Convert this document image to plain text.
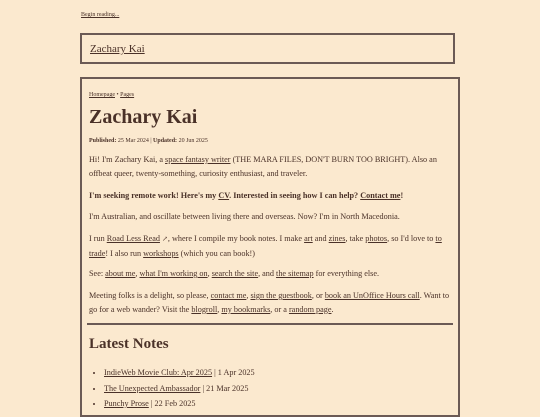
Begin reading...
Zachary Kai
Homepage • Pages
Zachary Kai
Published: 25 Mar 2024 | Updated: 20 Jun 2025

Hi! I'm Zachary Kai, a space fantasy writer (THE MARA FILES, DON'T BURN TOO BRIGHT). Also an offbeat queer, twenty-something, curiosity enthusiast, and traveler.

I'm seeking remote work! Here's my CV. Interested in seeing how I can help? Contact me!

I'm Australian, and oscillate between living there and overseas. Now? I'm in North Macedonia.

I run Road Less Read ↗, where I compile my book notes. I make art and zines, take photos, so I'd love to to trade! I also run workshops (which you can book!)

See: about me, what I'm working on, search the site, and the sitemap for everything else.

Meeting folks is a delight, so please, contact me, sign the guestbook, or book an UnOffice Hours call. Want to go for a web wander? Visit the blogroll, my bookmarks, or a random page.

Latest Notes
• IndieWeb Movie Club: Apr 2025 | 1 Apr 2025
• The Unexpected Ambassador | 21 Mar 2025
• Punchy Prose | 22 Feb 2025
